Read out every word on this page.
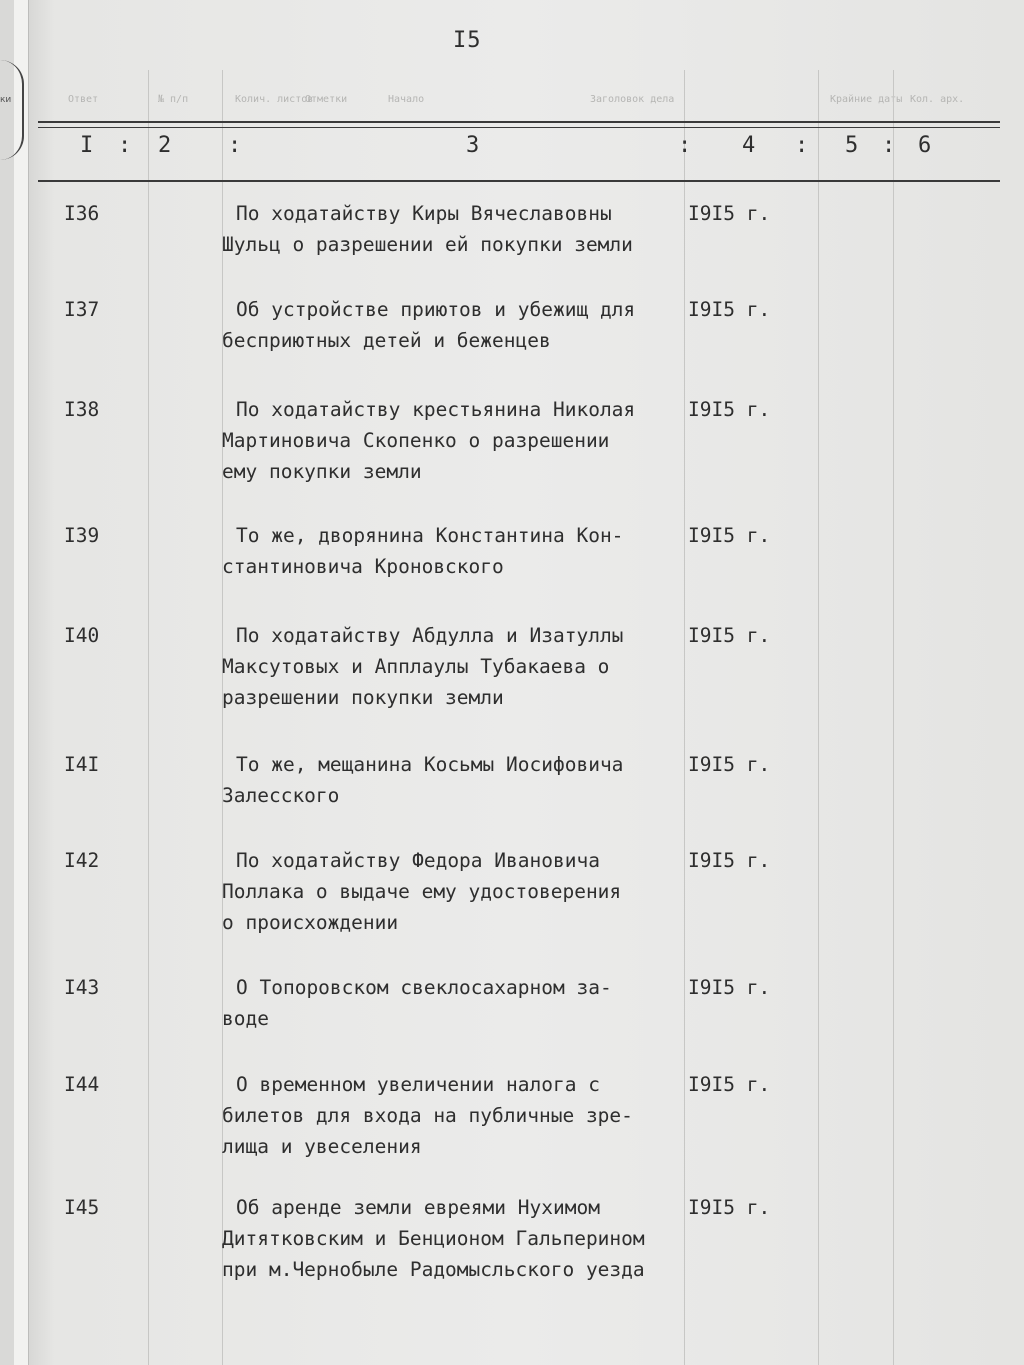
ки
I5
Ответ	№ п/п	Колич. листов
Отметки	Начало	Заголовок дела	Крайние даты Кол. арх.
I : 2	:	3	: 4 : 5 : 6
I36	По ходатайству Киры Вячеславовны
Шульц о разрешении ей покупки земли
I9I5 г.
I37	Об устройстве приютов и убежищ для
бесприютных детей и беженцев
I9I5 г.
I38	По ходатайству крестьянина Николая
Мартиновича Скопенко о разрешении
ему покупки земли
I9I5 г.
I39	То же, дворянина Константина Кон-
стантиновича Кроновского
I9I5 г.
I40	По ходатайству Абдулла и Изатуллы
Максутовых и Апплаулы Тубакаева о
разрешении покупки земли
I9I5 г.
I4I	То же, мещанина Косьмы Иосифовича
Залесского
I9I5 г.
I42	По ходатайству Федора Ивановича
Поллака о выдаче ему удостоверения
о происхождении
I9I5 г.
I43	О Топоровском свеклосахарном за-
воде
I9I5 г.
I44	О временном увеличении налога с
билетов для входа на публичные зре-
лища и увеселения
I9I5 г.
I45	Об аренде земли евреями Нухимом
Дитятковским и Бенционом Гальперином
при м.Чернобыле Радомысльского уезда
I9I5 г.
